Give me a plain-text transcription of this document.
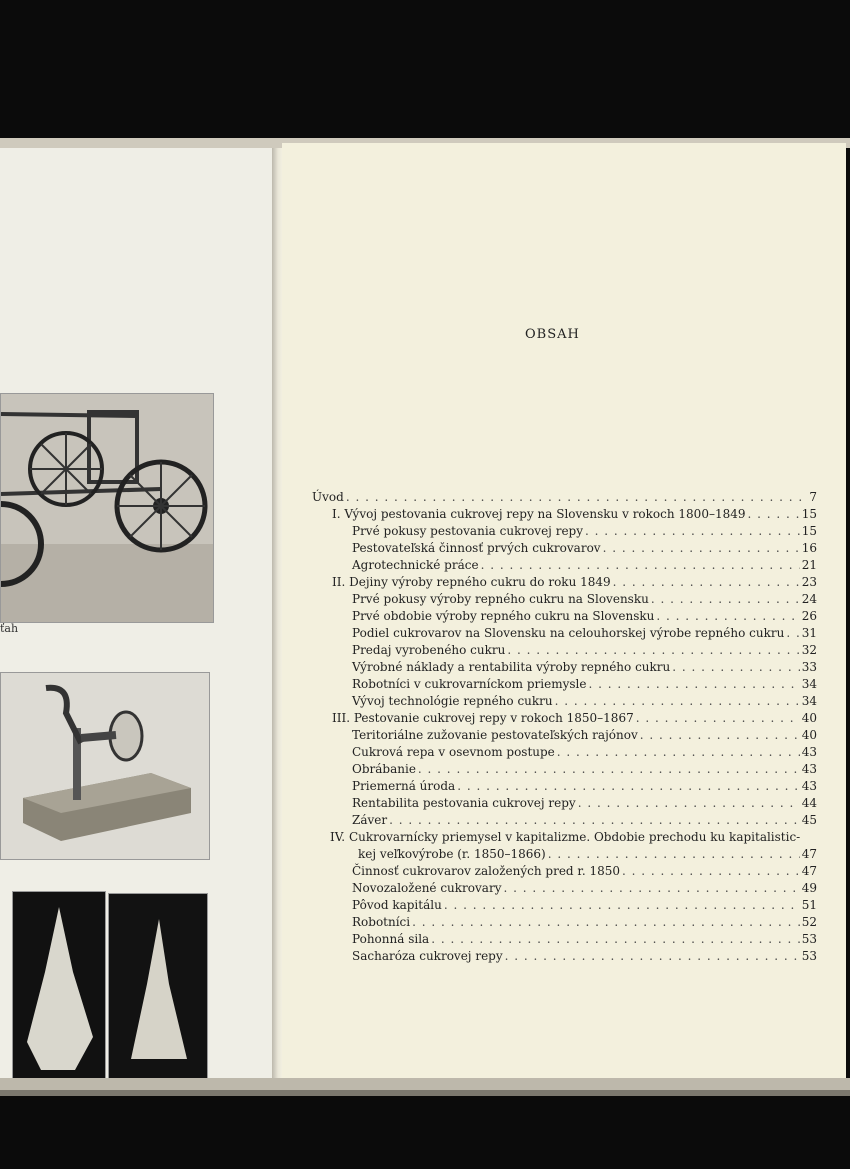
ťah
OBSAH
Úvod . . .	7
I. Vývoj pestovania cukrovej repy na Slovensku v rokoch 1800–1849 . . .	15
Prvé pokusy pestovania cukrovej repy . . .	15
Pestovateľská činnosť prvých cukrovarov . . .	16
Agrotechnické práce . . .	21
II. Dejiny výroby repného cukru do roku 1849 . . .	23
Prvé pokusy výroby repného cukru na Slovensku . . .	24
Prvé obdobie výroby repného cukru na Slovensku . . .	26
Podiel cukrovarov na Slovensku na celouhorskej výrobe repného cukru . . . 31
Predaj vyrobeného cukru . . .	32
Výrobné náklady a rentabilita výroby repného cukru . . .	33
Robotníci v cukrovarníckom priemysle . . .	34
Vývoj technológie repného cukru . . .	34
III. Pestovanie cukrovej repy v rokoch 1850–1867 . . .	40
Teritoriálne zužovanie pestovateľských rajónov . . .	40
Cukrová repa v osevnom postupe . . .	43
Obrábanie . . .	43
Priemerná úroda . . .	43
Rentabilita pestovania cukrovej repy . . .	44
Záver . . .	45
IV. Cukrovarnícky priemysel v kapitalizme. Obdobie prechodu ku kapitalistic-
kej veľkovýrobe (r. 1850–1866) . . .	47
Činnosť cukrovarov založených pred r. 1850 . . .	47
Novozaložené cukrovary . . .	49
Pôvod kapitálu . . .	51
Robotníci . . .	52
Pohonná sila . . .	53
Sacharóza cukrovej repy . . .	53
